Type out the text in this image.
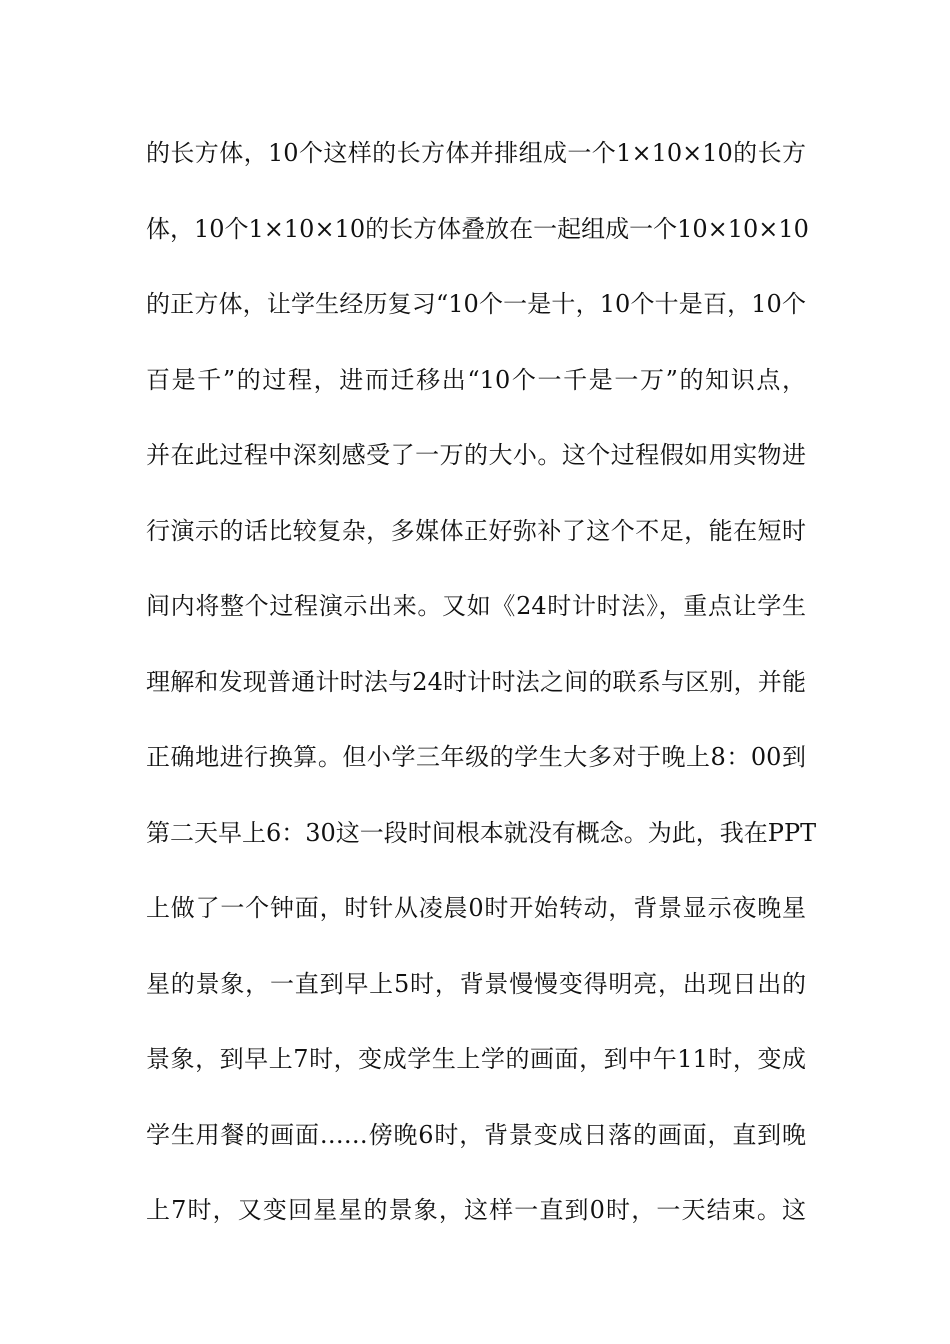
的长方体，10个这样的长方体并排组成一个1×10×10的长方
体，10个1×10×10的长方体叠放在一起组成一个10×10×10
的正方体，让学生经历复习“10个一是十，10个十是百，10个
百是千”的过程，进而迁移出“10个一千是一万”的知识点，
并在此过程中深刻感受了一万的大小。这个过程假如用实物进
行演示的话比较复杂，多媒体正好弥补了这个不足，能在短时
间内将整个过程演示出来。又如《24时计时法》，重点让学生
理解和发现普通计时法与24时计时法之间的联系与区别，并能
正确地进行换算。但小学三年级的学生大多对于晚上8：00到
第二天早上6：30这一段时间根本就没有概念。为此，我在PPT
上做了一个钟面，时针从凌晨0时开始转动，背景显示夜晚星
星的景象，一直到早上5时，背景慢慢变得明亮，出现日出的
景象，到早上7时，变成学生上学的画面，到中午11时，变成
学生用餐的画面……傍晚6时，背景变成日落的画面，直到晚
上7时，又变回星星的景象，这样一直到0时，一天结束。这
